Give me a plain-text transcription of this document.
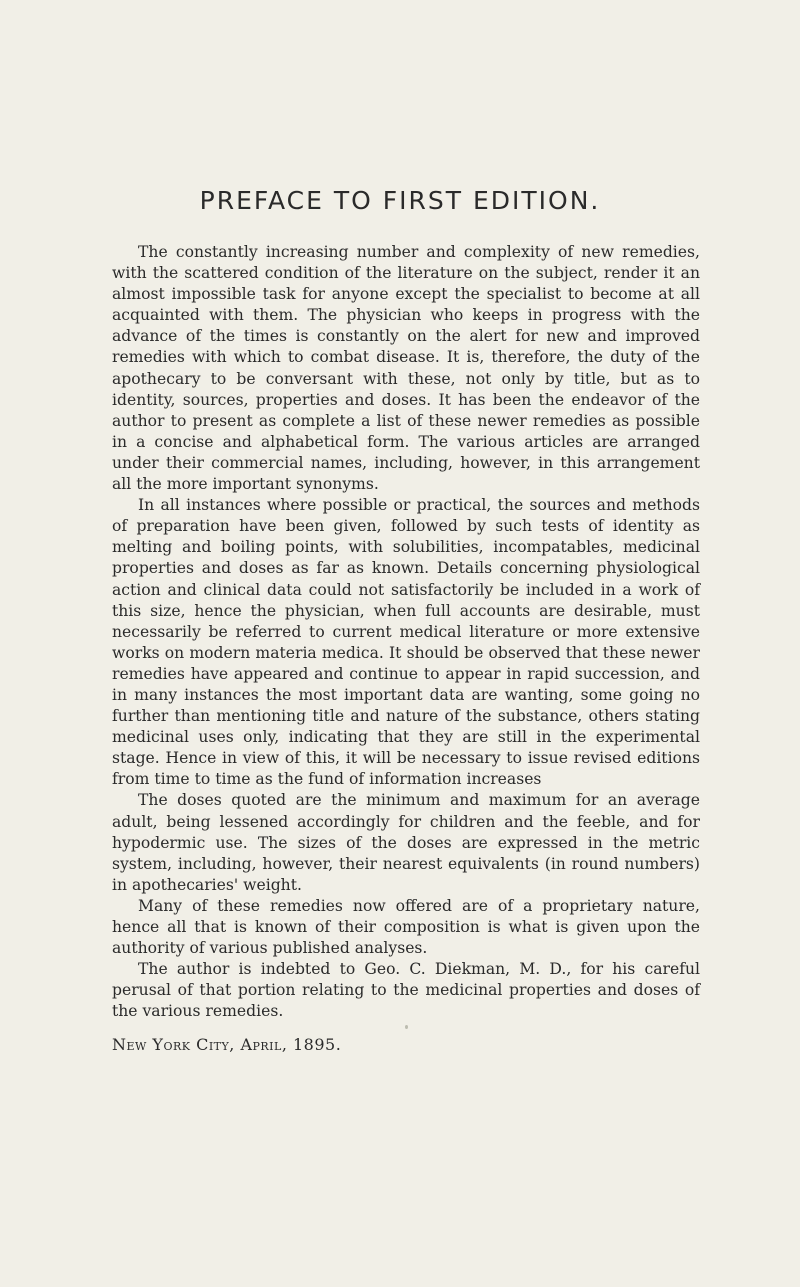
PREFACE TO FIRST EDITION.

The constantly increasing number and complexity of new remedies, with the scattered condition of the literature on the subject, render it an almost impossible task for anyone except the specialist to become at all acquainted with them. The physician who keeps in progress with the advance of the times is constantly on the alert for new and improved remedies with which to combat disease. It is, therefore, the duty of the apothecary to be conversant with these, not only by title, but as to identity, sources, properties and doses. It has been the endeavor of the author to present as complete a list of these newer remedies as possible in a concise and alphabetical form. The various articles are arranged under their commercial names, including, however, in this arrangement all the more important synonyms.

In all instances where possible or practical, the sources and methods of preparation have been given, followed by such tests of identity as melting and boiling points, with solubilities, incompatables, medicinal properties and doses as far as known. Details concerning physiological action and clinical data could not satisfactorily be included in a work of this size, hence the physician, when full accounts are desirable, must necessarily be referred to current medical literature or more extensive works on modern materia medica. It should be observed that these newer remedies have appeared and continue to appear in rapid succession, and in many instances the most important data are wanting, some going no further than mentioning title and nature of the substance, others stating medicinal uses only, indicating that they are still in the experimental stage. Hence in view of this, it will be necessary to issue revised editions from time to time as the fund of information increases

The doses quoted are the minimum and maximum for an average adult, being lessened accordingly for children and the feeble, and for hypodermic use. The sizes of the doses are expressed in the metric system, including, however, their nearest equivalents (in round numbers) in apothecaries' weight.

Many of these remedies now offered are of a proprietary nature, hence all that is known of their composition is what is given upon the authority of various published analyses.

The author is indebted to Geo. C. Diekman, M. D., for his careful perusal of that portion relating to the medicinal properties and doses of the various remedies.

New York City, April, 1895.
